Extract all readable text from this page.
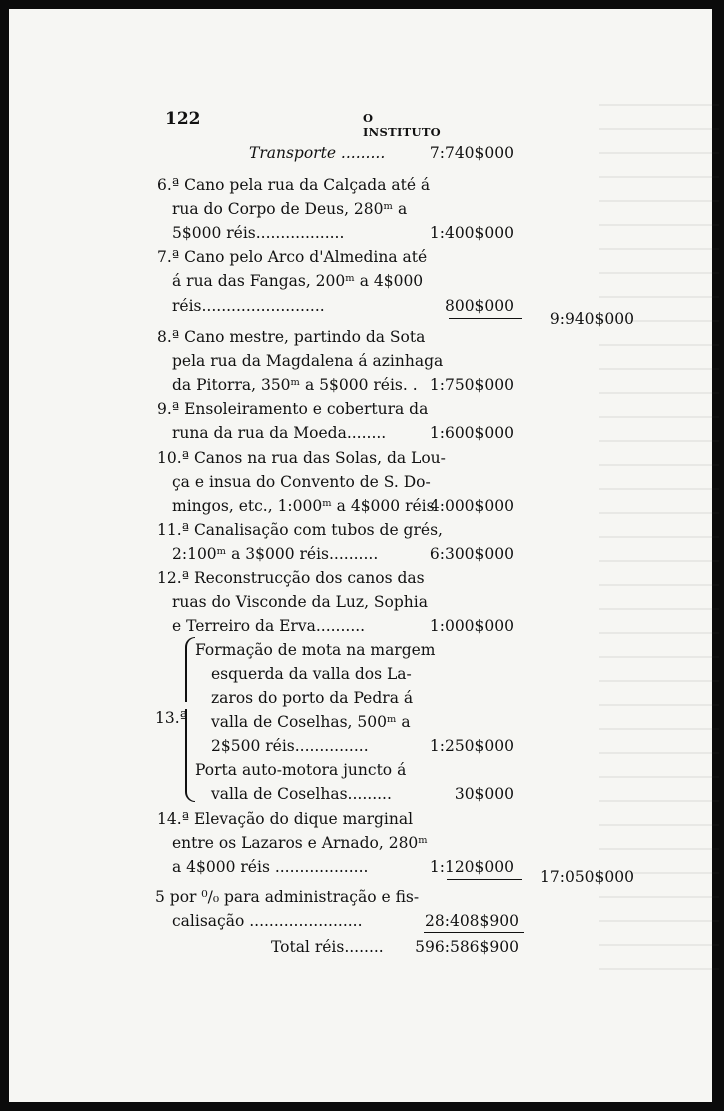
122	O INSTITUTO
Transporte .........	7:740$000
6.ª Cano pela rua da Calçada até á
rua do Corpo de Deus, 280ᵐ a
5$000 réis..................	1:400$000
7.ª Cano pelo Arco d'Almedina até
á rua das Fangas, 200ᵐ a 4$000
réis.........................	800$000
9:940$000
8.ª Cano mestre, partindo da Sota
pela rua da Magdalena á azinhaga
da Pitorra, 350ᵐ a 5$000 réis. . 1:750$000
9.ª Ensoleiramento e cobertura da
runa da rua da Moeda........	1:600$000
10.ª Canos na rua das Solas, da Lou-
ça e insua do Convento de S. Do-
mingos, etc., 1:000ᵐ a 4$000 réis
4:000$000
11.ª Canalisação com tubos de grés,
2:100ᵐ a 3$000 réis..........	6:300$000
12.ª Reconstrucção dos canos das
ruas do Visconde da Luz, Sophia
e Terreiro da Erva..........	1:000$000
13.ª
Formação de mota na margem
esquerda da valla dos La-
zaros do porto da Pedra á
valla de Coselhas, 500ᵐ a
2$500 réis...............	1:250$000
Porta auto-motora juncto á
valla de Coselhas.........	30$000
14.ª Elevação do dique marginal
entre os Lazaros e Arnado, 280ᵐ
a 4$000 réis ...................	1:120$000
17:050$000
5 por ⁰/₀ para administração e fis-
calisação .......................	28:408$900
Total réis........	596:586$900
